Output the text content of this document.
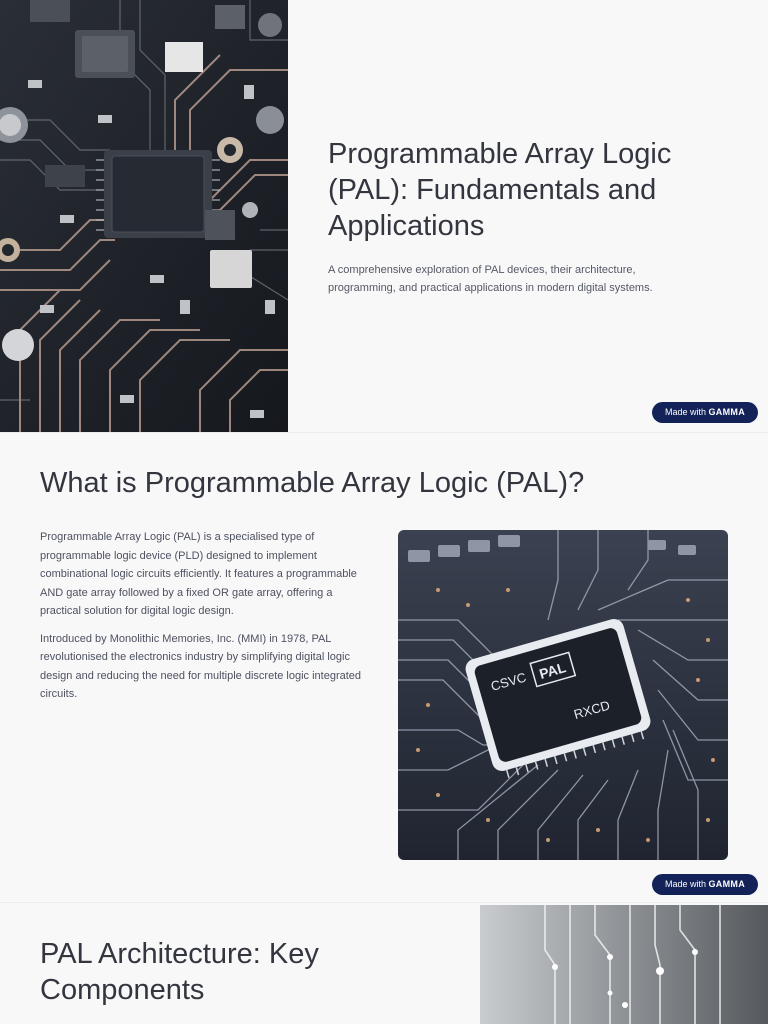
Programmable Array Logic (PAL): Fundamentals and Applications

A comprehensive exploration of PAL devices, their architecture, programming, and practical applications in modern digital systems.

Made with GAMMA
What is Programmable Array Logic (PAL)?

Programmable Array Logic (PAL) is a specialised type of programmable logic device (PLD) designed to implement combinational logic circuits efficiently. It features a programmable AND gate array followed by a fixed OR gate array, offering a practical solution for digital logic design.

Introduced by Monolithic Memories, Inc. (MMI) in 1978, PAL revolutionised the electronics industry by simplifying digital logic design and reducing the need for multiple discrete logic integrated circuits.

CSVC PAL
RXCD
Made with GAMMA
PAL Architecture: Key Components
